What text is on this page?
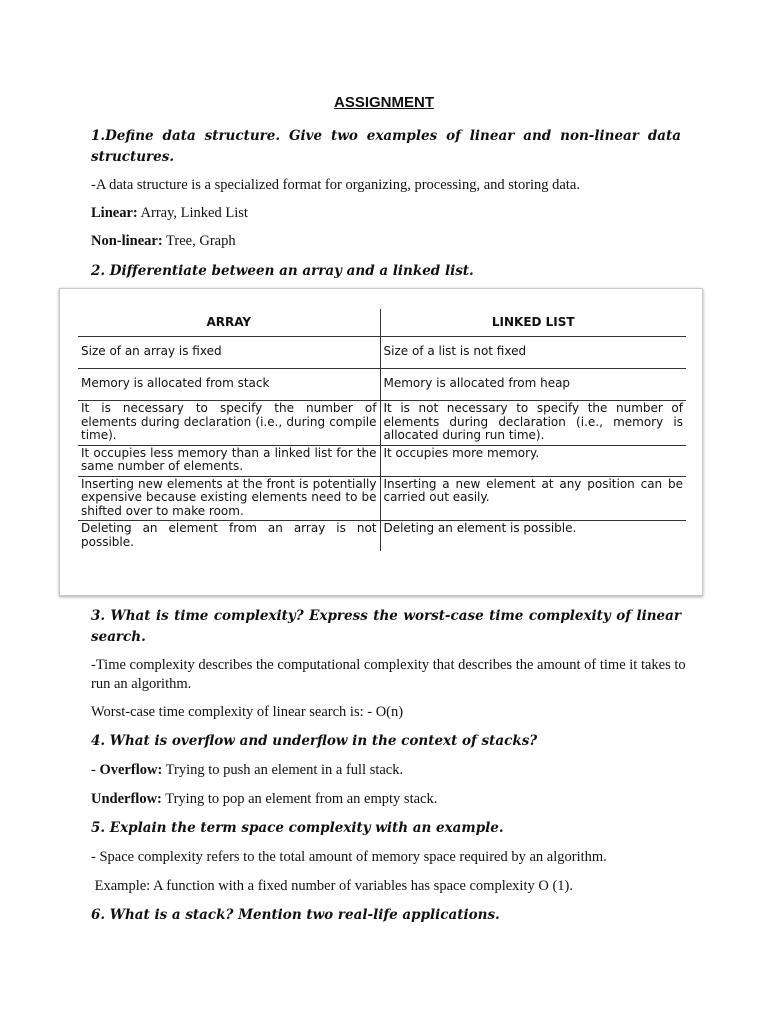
ASSIGNMENT
1.Define data structure. Give two examples of linear and non-linear data structures.
-A data structure is a specialized format for organizing, processing, and storing data.
Linear: Array, Linked List
Non-linear: Tree, Graph
2. Differentiate between an array and a linked list.
ARRAY	LINKED LIST
Size of an array is fixed	Size of a list is not fixed
Memory is allocated from stack	Memory is allocated from heap
It is necessary to specify the number of elements during declaration (i.e., during compile time).	It is not necessary to specify the number of elements during declaration (i.e., memory is allocated during run time).
It occupies less memory than a linked list for the same number of elements.	It occupies more memory.
Inserting new elements at the front is potentially expensive because existing elements need to be shifted over to make room.	Inserting a new element at any position can be carried out easily.
Deleting an element from an array is not possible.	Deleting an element is possible.
3. What is time complexity? Express the worst-case time complexity of linear search.
-Time complexity describes the computational complexity that describes the amount of time it takes to run an algorithm.
Worst-case time complexity of linear search is: - O(n)
4. What is overflow and underflow in the context of stacks?
- Overflow: Trying to push an element in a full stack.
Underflow: Trying to pop an element from an empty stack.
5. Explain the term space complexity with an example.
- Space complexity refers to the total amount of memory space required by an algorithm.
Example: A function with a fixed number of variables has space complexity O (1).
6. What is a stack? Mention two real-life applications.
